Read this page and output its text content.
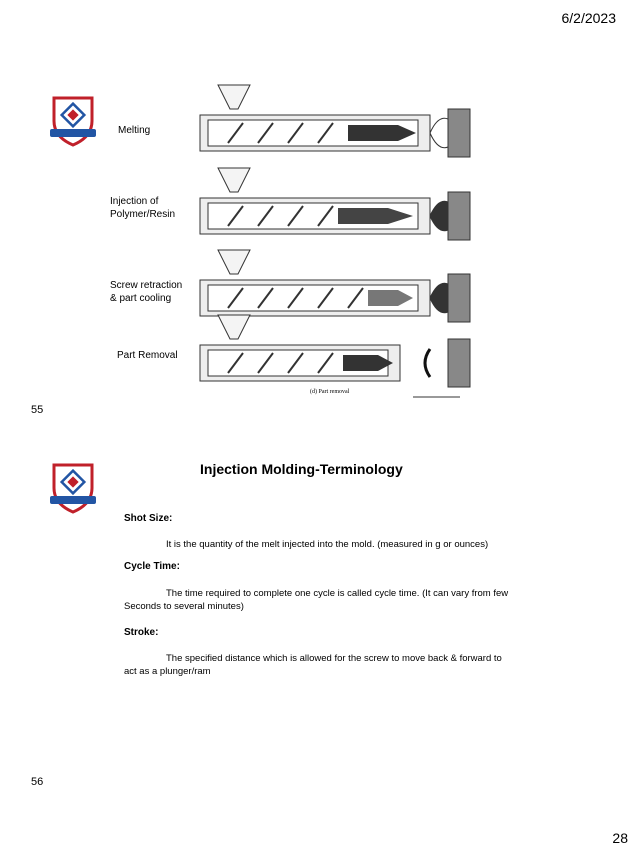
6/2/2023
28
Melting
Injection of
Polymer/Resin
Screw retraction
& part cooling
Part Removal
(d) Part removal
55
Injection Molding-Terminology
Shot Size:
It is the quantity of the melt injected into the mold. (measured in g or ounces)
Cycle Time:
The time required to complete one cycle is called cycle time. (It can vary from few
Seconds to several minutes)
Stroke:
The specified distance which is allowed for the screw to move back & forward to
act as a plunger/ram
56
